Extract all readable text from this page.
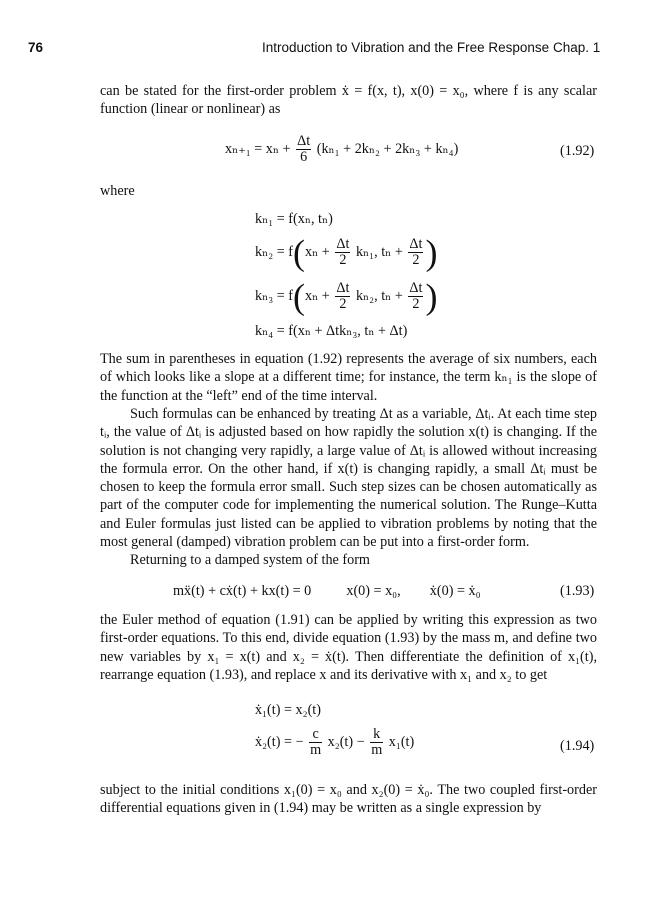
76	Introduction to Vibration and the Free Response Chap. 1

can be stated for the first-order problem ẋ = f(x, t), x(0) = x₀, where f is any scalar function (linear or nonlinear) as

$x_{n+1} = x_n + \frac{\Delta t}{6} (k_{n1} + 2k_{n2} + 2k_{n3} + k_{n4})$	(1.92)
where
kₙ₁ = f(xₙ, tₙ)
$k_{n2} = f(x_n + \frac{\Delta t}{2} k_{n1}$, $t_n + \frac{\Delta t}{2}$ )
$k_{n3} = f(x_n + \frac{\Delta t}{2} k_{n2}$, $t_n + \frac{\Delta t}{2}$ )
kₙ₄ = f(xₙ + Δtkₙ₃, tₙ + Δt)

The sum in parentheses in equation (1.92) represents the average of six numbers, each of which looks like a slope at a different time; for instance, the term kₙ₁ is the slope of the function at the “left” end of the time interval.

Such formulas can be enhanced by treating Δt as a variable, Δtᵢ. At each time step tᵢ, the value of Δtᵢ is adjusted based on how rapidly the solution x(t) is changing. If the solution is not changing very rapidly, a large value of Δtᵢ is allowed without increasing the formula error. On the other hand, if x(t) is changing rapidly, a small Δtᵢ must be chosen to keep the formula error small. Such step sizes can be chosen automatically as part of the computer code for implementing the numerical solution. The Runge–Kutta and Euler formulas just listed can be applied to vibration problems by noting that the most general (damped) vibration problem can be put into a first-order form.

Returning to a damped system of the form

mẍ(t) + cẋ(t) + kx(t) = 0 x(0) = x₀, ẋ(0) = ẋ₀	(1.93)

the Euler method of equation (1.91) can be applied by writing this expression as two first-order equations. To this end, divide equation (1.93) by the mass m, and define two new variables by x₁ = x(t) and x₂ = ẋ(t). Then differentiate the definition of x₁(t), rearrange equation (1.93), and replace x and its derivative with x₁ and x₂ to get

ẋ₁(t) = x₂(t)
ẋ₂(t) = − $\frac{c}{m} x_2(t) - \frac{k}{m} x_1(t)$	(1.94)

subject to the initial conditions x₁(0) = x₀ and x₂(0) = ẋ₀. The two coupled first-order differential equations given in (1.94) may be written as a single expression by
